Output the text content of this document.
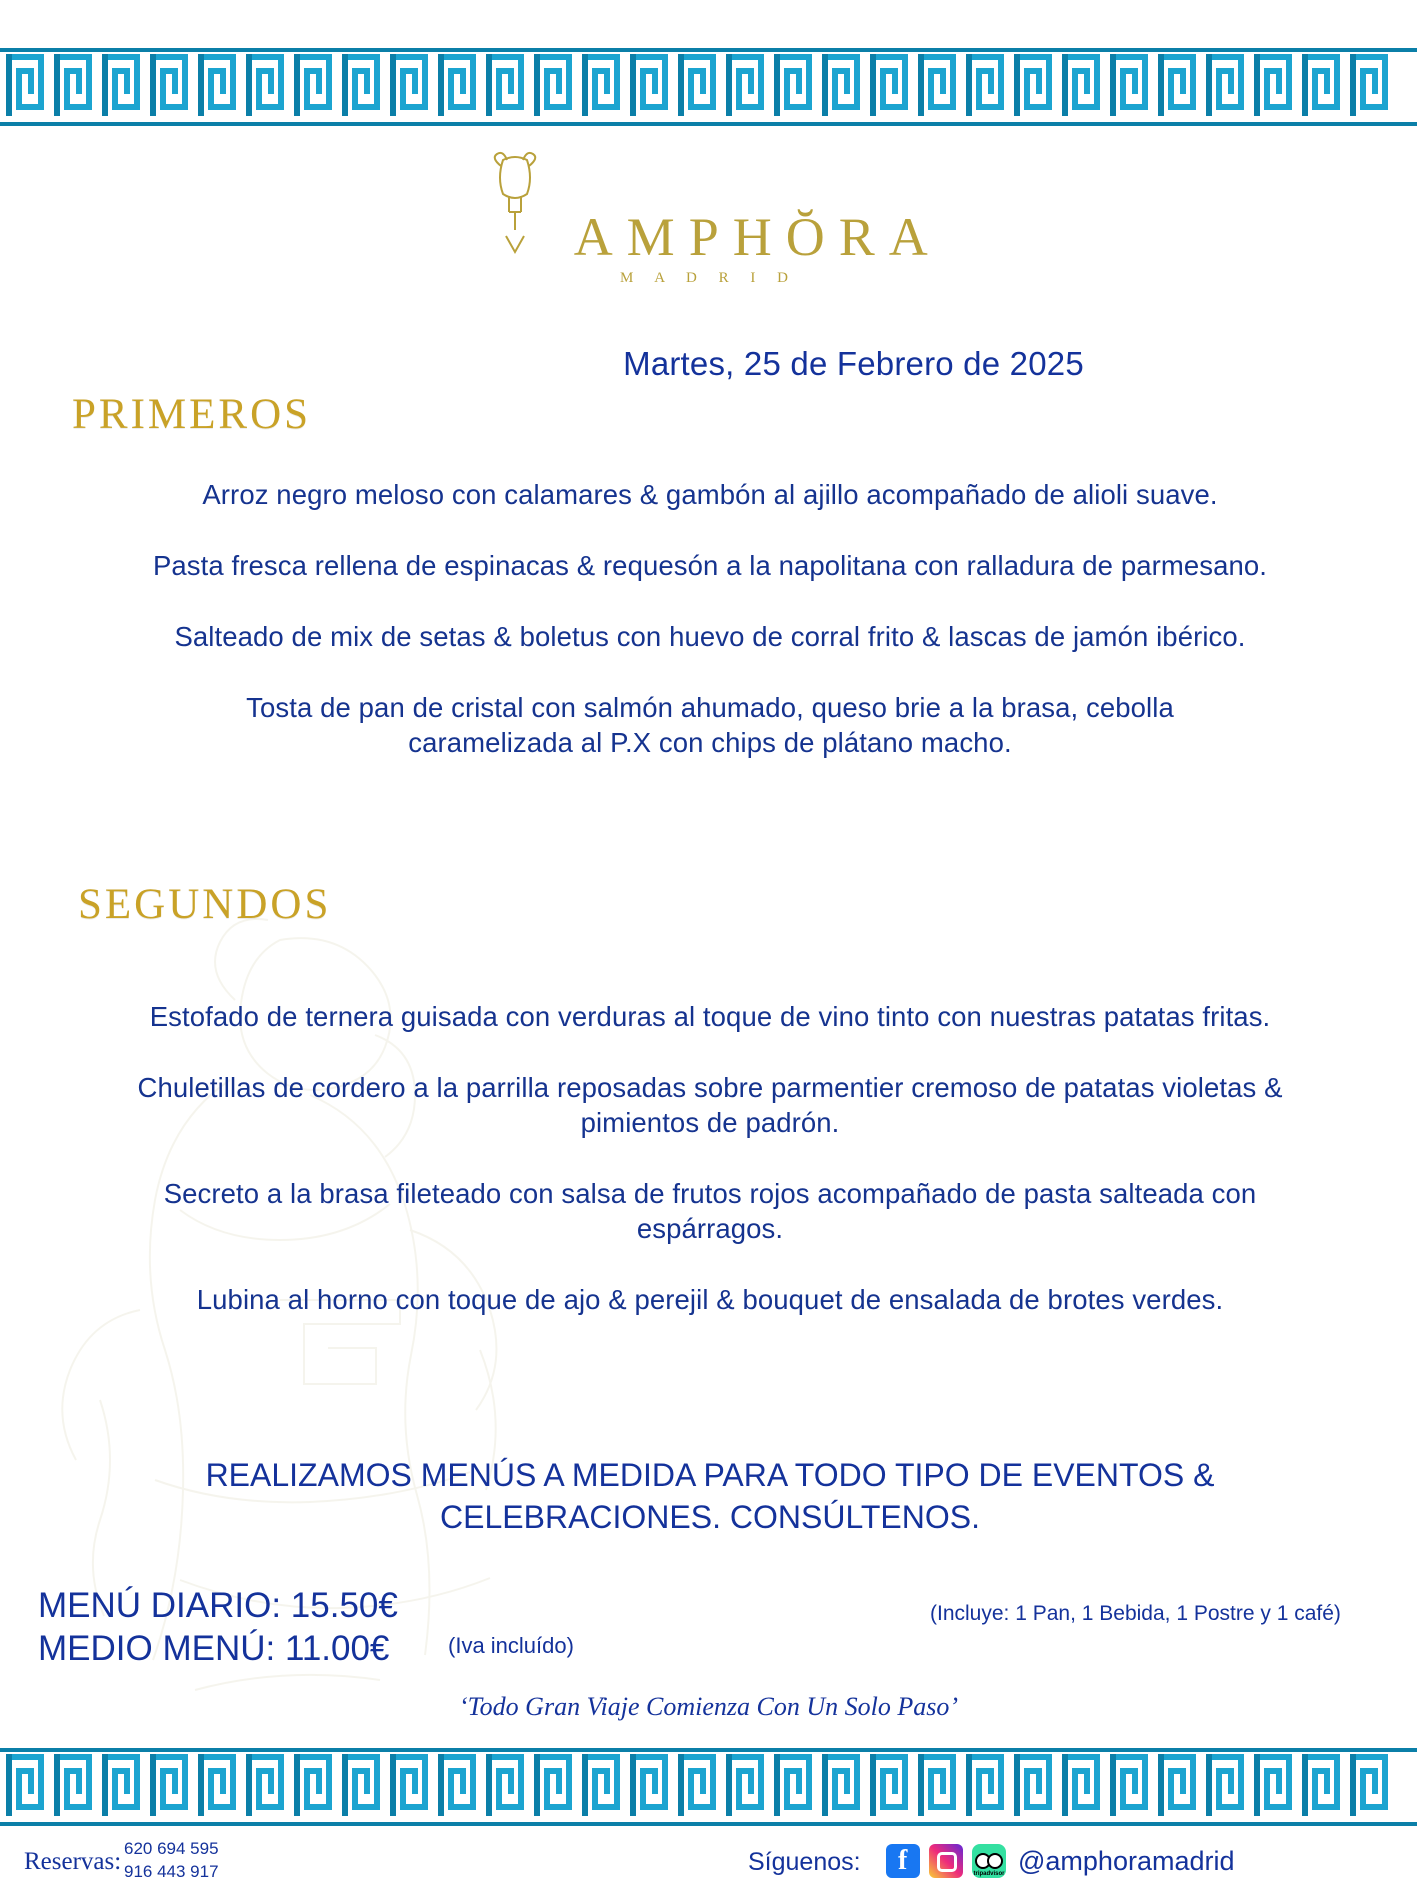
AMPHŎRA
M A D R I D
Martes, 25 de Febrero de 2025
PRIMEROS
Arroz negro meloso con calamares & gambón al ajillo acompañado de alioli suave.
Pasta fresca rellena de espinacas & requesón a la napolitana con ralladura de parmesano.
Salteado de mix de setas & boletus con huevo de corral frito & lascas de jamón ibérico.
Tosta de pan de cristal con salmón ahumado, queso brie a la brasa, cebolla caramelizada al P.X con chips de plátano macho.
SEGUNDOS
Estofado de ternera guisada con verduras al toque de vino tinto con nuestras patatas fritas.
Chuletillas de cordero a la parrilla reposadas sobre parmentier cremoso de patatas violetas & pimientos de padrón.
Secreto a la brasa fileteado con salsa de frutos rojos acompañado de pasta salteada con espárragos.
Lubina al horno con toque de ajo & perejil & bouquet de ensalada de brotes verdes.
REALIZAMOS MENÚS A MEDIDA PARA TODO TIPO DE EVENTOS & CELEBRACIONES. CONSÚLTENOS.
MENÚ DIARIO: 15.50€
MEDIO MENÚ: 11.00€	(Iva incluído)
(Incluye: 1 Pan, 1 Bebida, 1 Postre y 1 café)
‘Todo Gran Viaje Comienza Con Un Solo Paso’
Reservas: 620 694 595
916 443 917	Síguenos: f	tripadvisor @amphoramadrid
